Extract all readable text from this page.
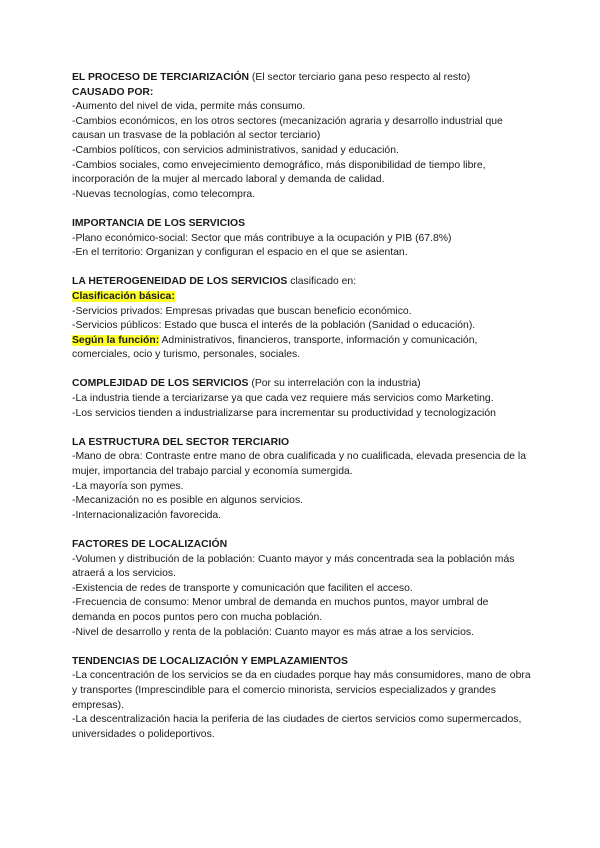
EL PROCESO DE TERCIARIZACIÓN (El sector terciario gana peso respecto al resto)
CAUSADO POR:
-Aumento del nivel de vida, permite más consumo.
-Cambios económicos, en los otros sectores (mecanización agraria y desarrollo industrial que causan un trasvase de la población al sector terciario)
-Cambios políticos, con servicios administrativos, sanidad y educación.
-Cambios sociales, como envejecimiento demográfico, más disponibilidad de tiempo libre, incorporación de la mujer al mercado laboral y demanda de calidad.
-Nuevas tecnologías, como telecompra.
IMPORTANCIA DE LOS SERVICIOS
-Plano económico-social: Sector que más contribuye a la ocupación y PIB (67.8%)
-En el territorio: Organizan y configuran el espacio en el que se asientan.
LA HETEROGENEIDAD DE LOS SERVICIOS clasificado en:
Clasificación básica:
-Servicios privados: Empresas privadas que buscan beneficio económico.
-Servicios públicos: Estado que busca el interés de la población (Sanidad o educación).
Según la función: Administrativos, financieros, transporte, información y comunicación, comerciales, ocio y turismo, personales, sociales.
COMPLEJIDAD DE LOS SERVICIOS (Por su interrelación con la industria)
-La industria tiende a terciarizarse ya que cada vez requiere más servicios como Marketing.
-Los servicios tienden a industrializarse para incrementar su productividad y tecnologización
LA ESTRUCTURA DEL SECTOR TERCIARIO
-Mano de obra: Contraste entre mano de obra cualificada y no cualificada, elevada presencia de la mujer, importancia del trabajo parcial y economía sumergida.
-La mayoría son pymes.
-Mecanización no es posible en algunos servicios.
-Internacionalización favorecida.
FACTORES DE LOCALIZACIÓN
-Volumen y distribución de la población: Cuanto mayor y más concentrada sea la población más atraerá a los servicios.
-Existencia de redes de transporte y comunicación que faciliten el acceso.
-Frecuencia de consumo: Menor umbral de demanda en muchos puntos, mayor umbral de demanda en pocos puntos pero con mucha población.
-Nivel de desarrollo y renta de la población: Cuanto mayor es más atrae a los servicios.
TENDENCIAS DE LOCALIZACIÓN Y EMPLAZAMIENTOS
-La concentración de los servicios se da en ciudades porque hay más consumidores, mano de obra y transportes (Imprescindible para el comercio minorista, servicios especializados y grandes empresas).
-La descentralización hacia la periferia de las ciudades de ciertos servicios como supermercados, universidades o polideportivos.
